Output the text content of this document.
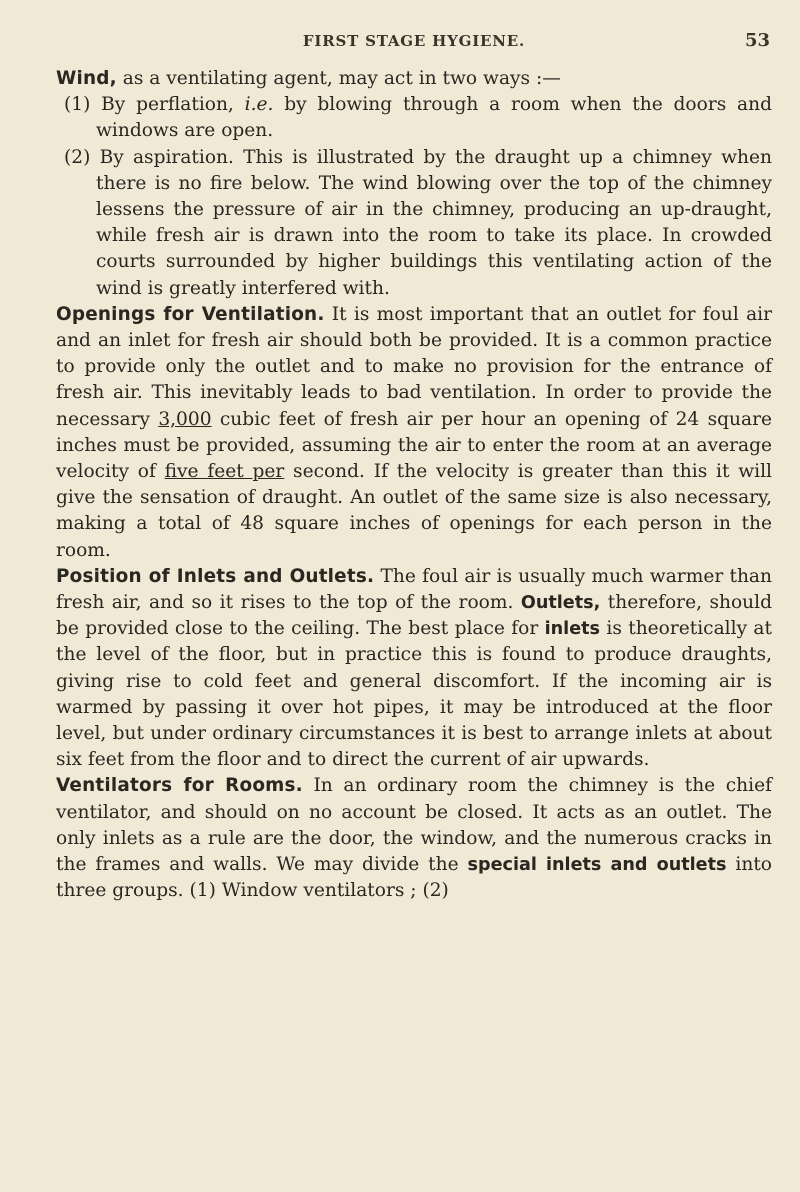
FIRST STAGE HYGIENE.	53

Wind, as a ventilating agent, may act in two ways :—

(1) By perflation, i.e. by blowing through a room when the doors and windows are open.

(2) By aspiration. This is illustrated by the draught up a chimney when there is no fire below. The wind blowing over the top of the chimney lessens the pressure of air in the chimney, producing an up-draught, while fresh air is drawn into the room to take its place. In crowded courts surrounded by higher buildings this ventilating action of the wind is greatly interfered with.

Openings for Ventilation. It is most important that an outlet for foul air and an inlet for fresh air should both be provided. It is a common practice to provide only the outlet and to make no provision for the entrance of fresh air. This inevitably leads to bad ventilation. In order to provide the necessary 3,000 cubic feet of fresh air per hour an opening of 24 square inches must be provided, assuming the air to enter the room at an average velocity of five feet per second. If the velocity is greater than this it will give the sensation of draught. An outlet of the same size is also necessary, making a total of 48 square inches of openings for each person in the room.

Position of Inlets and Outlets. The foul air is usually much warmer than fresh air, and so it rises to the top of the room. Outlets, therefore, should be provided close to the ceiling. The best place for inlets is theoretically at the level of the floor, but in practice this is found to produce draughts, giving rise to cold feet and general discomfort. If the incoming air is warmed by passing it over hot pipes, it may be introduced at the floor level, but under ordinary circumstances it is best to arrange inlets at about six feet from the floor and to direct the current of air upwards.

Ventilators for Rooms. In an ordinary room the chimney is the chief ventilator, and should on no account be closed. It acts as an outlet. The only inlets as a rule are the door, the window, and the numerous cracks in the frames and walls. We may divide the special inlets and outlets into three groups. (1) Window ventilators ; (2)
